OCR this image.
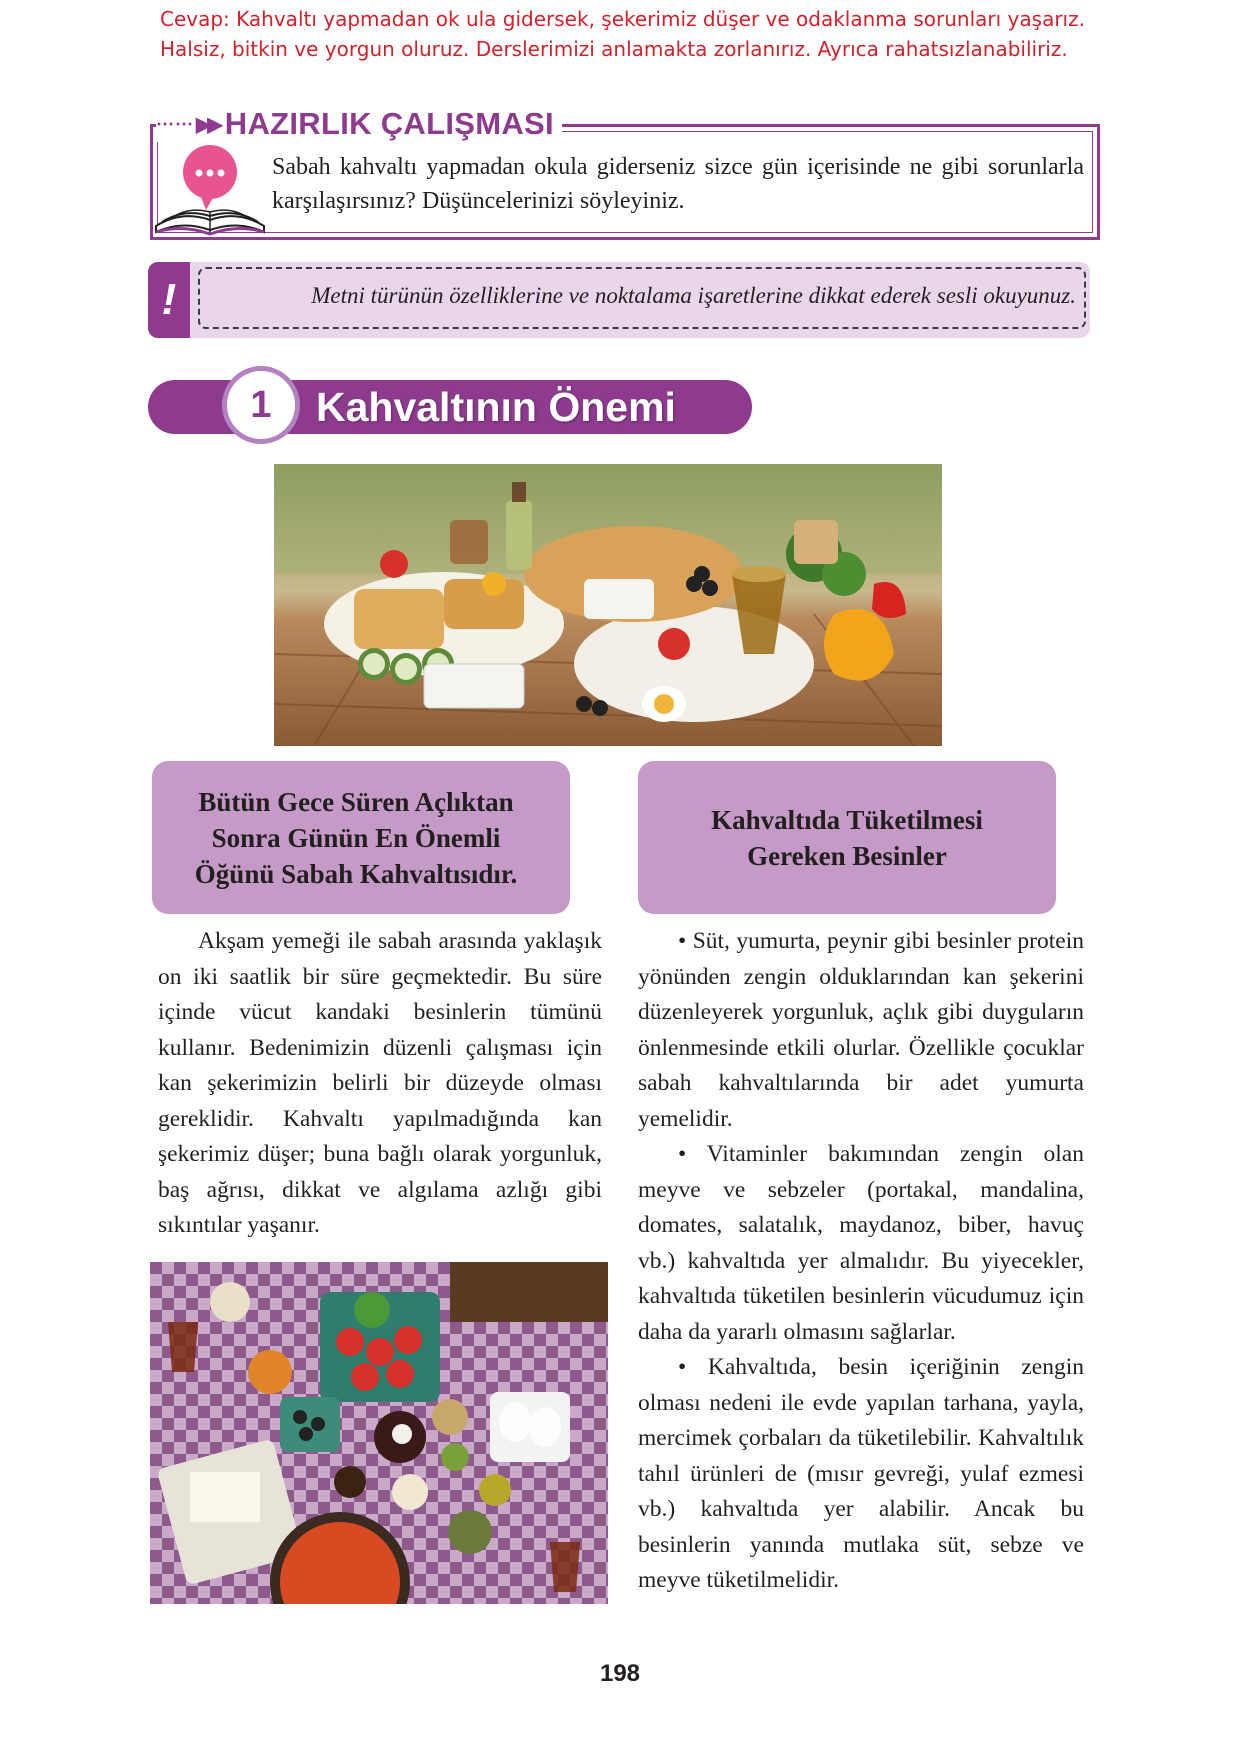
Cevap: Kahvaltı yapmadan ok ula gidersek, şekerimiz düşer ve odaklanma sorunları yaşarız.
Halsiz, bitkin ve yorgun oluruz. Derslerimizi anlamakta zorlanırız. Ayrıca rahatsızlanabiliriz.
⋯⋯ ▶▶ HAZIRLIK ÇALIŞMASI
Sabah kahvaltı yapmadan okula giderseniz sizce gün içerisinde ne gibi sorunlarla karşılaşırsınız? Düşüncelerinizi söyleyiniz.
!	Metni türünün özelliklerine ve noktalama işaretlerine dikkat ederek sesli okuyunuz.
1	Kahvaltının Önemi
Bütün Gece Süren Açlıktan Sonra Günün En Önemli Öğünü Sabah Kahvaltısıdır.
Kahvaltıda Tüketilmesi Gereken Besinler

Akşam yemeği ile sabah arasında yaklaşık on iki saatlik bir süre geçmektedir. Bu süre içinde vücut kandaki besinlerin tümünü kullanır. Bedenimizin düzenli çalışması için kan şekerimizin belirli bir düzeyde olması gereklidir. Kahvaltı yapılmadığında kan şekerimiz düşer; buna bağlı olarak yorgunluk, baş ağrısı, dikkat ve algılama azlığı gibi sıkıntılar yaşanır.

• Süt, yumurta, peynir gibi besinler protein yönünden zengin olduklarından kan şekerini düzenleyerek yorgunluk, açlık gibi duyguların önlenmesinde etkili olurlar. Özellikle çocuklar sabah kahvaltılarında bir adet yumurta yemelidir.

• Vitaminler bakımından zengin olan meyve ve sebzeler (portakal, mandalina, domates, salatalık, maydanoz, biber, havuç vb.) kahvaltıda yer almalıdır. Bu yiyecekler, kahvaltıda tüketilen besinlerin vücudumuz için daha da yararlı olmasını sağlarlar.

• Kahvaltıda, besin içeriğinin zengin olması nedeni ile evde yapılan tarhana, yayla, mercimek çorbaları da tüketilebilir. Kahvaltılık tahıl ürünleri de (mısır gevreği, yulaf ezmesi vb.) kahvaltıda yer alabilir. Ancak bu besinlerin yanında mutlaka süt, sebze ve meyve tüketilmelidir.

198
